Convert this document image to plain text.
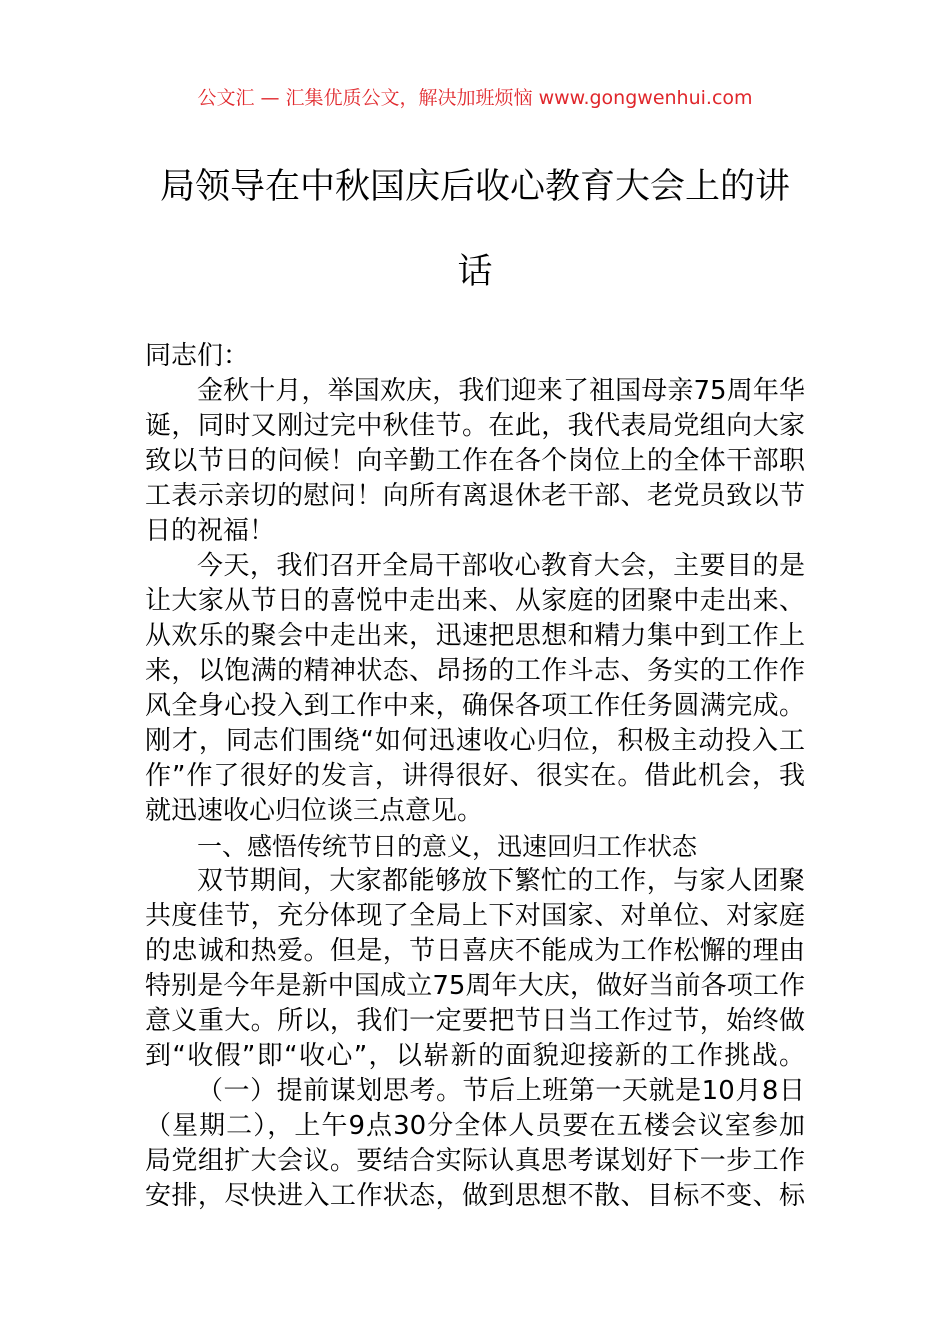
公文汇 — 汇集优质公文，解决加班烦恼 www.gongwenhui.com
局领导在中秋国庆后收心教育大会上的讲
话
同志们：
金秋十月，举国欢庆，我们迎来了祖国母亲75周年华
诞，同时又刚过完中秋佳节。在此，我代表局党组向大家
致以节日的问候！向辛勤工作在各个岗位上的全体干部职
工表示亲切的慰问！向所有离退休老干部、老党员致以节
日的祝福！
今天，我们召开全局干部收心教育大会，主要目的是
让大家从节日的喜悦中走出来、从家庭的团聚中走出来、
从欢乐的聚会中走出来，迅速把思想和精力集中到工作上
来，以饱满的精神状态、昂扬的工作斗志、务实的工作作
风全身心投入到工作中来，确保各项工作任务圆满完成。
刚才，同志们围绕“如何迅速收心归位，积极主动投入工
作”作了很好的发言，讲得很好、很实在。借此机会，我
就迅速收心归位谈三点意见。
一、感悟传统节日的意义，迅速回归工作状态
双节期间，大家都能够放下繁忙的工作，与家人团聚
共度佳节，充分体现了全局上下对国家、对单位、对家庭
的忠诚和热爱。但是，节日喜庆不能成为工作松懈的理由
特别是今年是新中国成立75周年大庆，做好当前各项工作
意义重大。所以，我们一定要把节日当工作过节，始终做
到“收假”即“收心”，以崭新的面貌迎接新的工作挑战。
（一）提前谋划思考。节后上班第一天就是10月8日
（星期二），上午9点30分全体人员要在五楼会议室参加
局党组扩大会议。要结合实际认真思考谋划好下一步工作
安排，尽快进入工作状态，做到思想不散、目标不变、标
